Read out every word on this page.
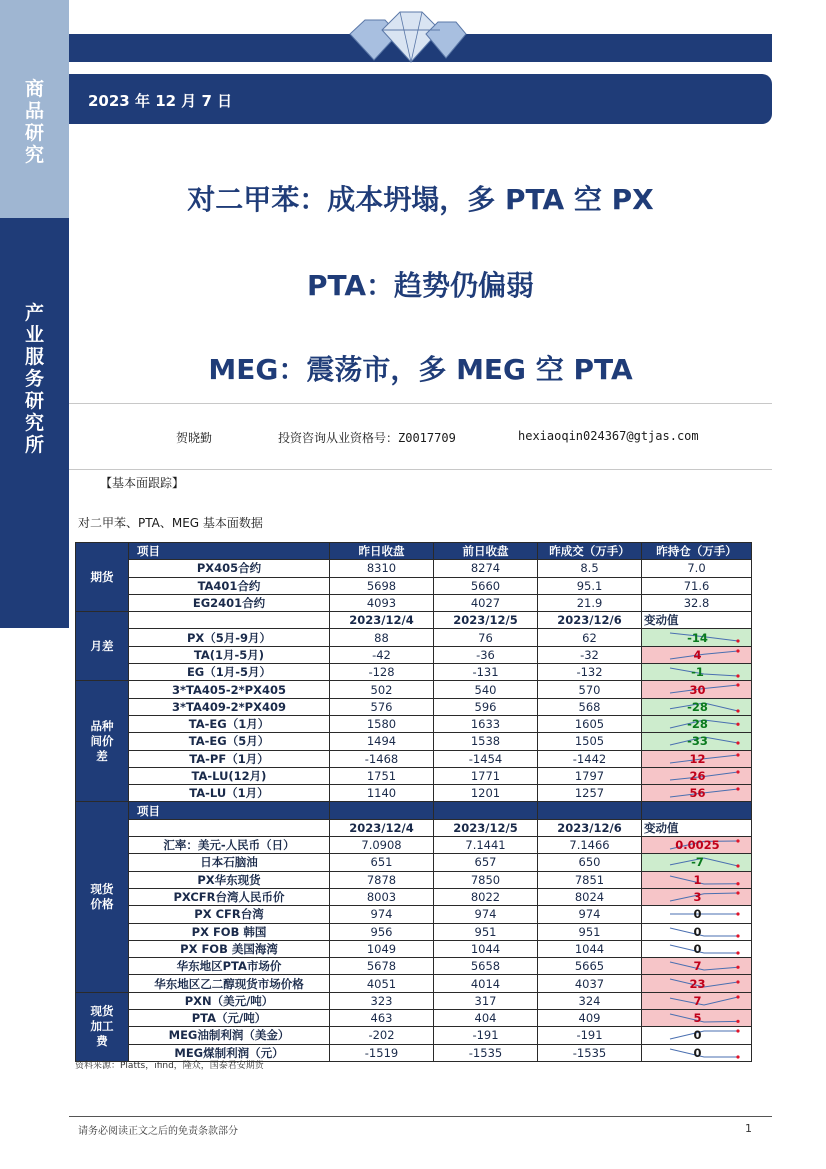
商
品
研
究
产
业
服
务
研
究
所
2023 年 12 月 7 日
对二甲苯：成本坍塌，多 PTA 空 PX
PTA：趋势仍偏弱
MEG：震荡市，多 MEG 空 PTA
贺晓勤	投资咨询从业资格号：Z0017709	hexiaoqin024367@gtjas.com
【基本面跟踪】
对二甲苯、PTA、MEG 基本面数据
期货	项目	昨日收盘	前日收盘	昨成交（万手）	昨持仓（万手）
	PX405合约	8310	8274	8.5	7.0
	TA401合约	5698	5660	95.1	71.6
	EG2401合约	4093	4027	21.9	32.8
月差		2023/12/4	2023/12/5	2023/12/6	变动值
	PX（5月-9月）	88	76	62	-14

	TA(1月-5月)	-42	-36	-32	4

	EG（1月-5月）	-128	-131	-132	-1

品种
间价
差	3*TA405-2*PX405	502	540	570	30

	3*TA409-2*PX409	576	596	568	-28

	TA-EG（1月）	1580	1633	1605	-28

	TA-EG（5月）	1494	1538	1505	-33

	TA-PF（1月）	-1468	-1454	-1442	12

	TA-LU(12月)	1751	1771	1797	26

	TA-LU（1月）	1140	1201	1257	56

现货
价格	项目				
		2023/12/4	2023/12/5	2023/12/6	变动值
	汇率：美元-人民币（日）	7.0908	7.1441	7.1466	0.0025

	日本石脑油	651	657	650	-7

	PX华东现货	7878	7850	7851	1

	PXCFR台湾人民币价	8003	8022	8024	3

	PX CFR台湾	974	974	974	0

	PX FOB 韩国	956	951	951	0

	PX FOB 美国海湾	1049	1044	1044	0

	华东地区PTA市场价	5678	5658	5665	7

	华东地区乙二醇现货市场价格	4051	4014	4037	23

现货
加工
费	PXN（美元/吨）	323	317	324	7

	PTA（元/吨）	463	404	409	5

	MEG油制利润（美金）	-202	-191	-191	0

	MEG煤制利润（元）	-1519	-1535	-1535	0
资料来源：Platts，ifind，隆众，国泰君安期货
请务必阅读正文之后的免责条款部分	1
